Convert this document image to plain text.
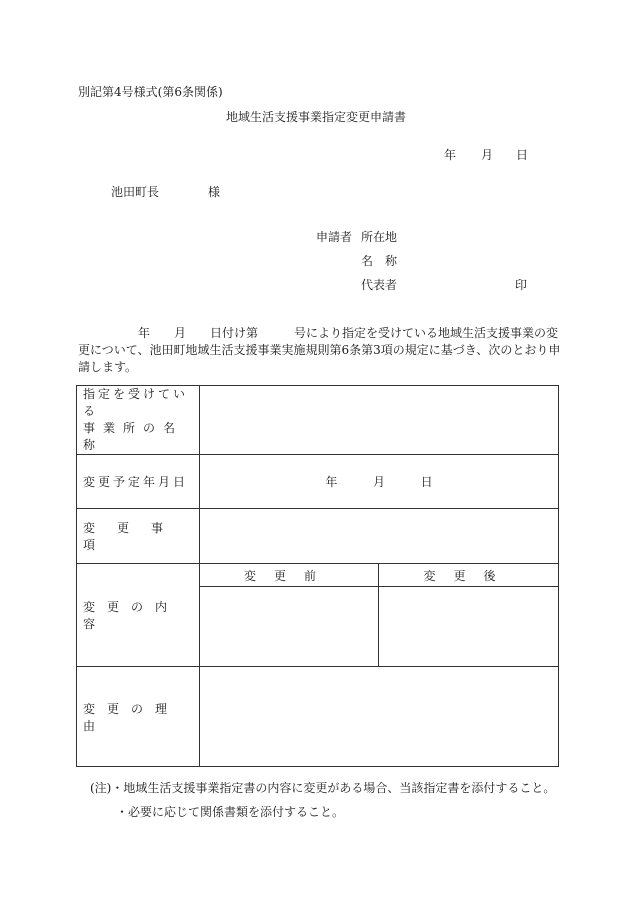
別記第4号様式(第6条関係)
地域生活支援事業指定変更申請書
年 月 日
池田町長	様
申請者 所在地
名称
代表者	印
　　　　　年　　月　　日付け第　　　号により指定を受けている地域生活支援事業の変
更について、池田町地域生活支援事業実施規則第6条第3項の規定に基づき、次のとおり申
請します。
指定を受けている
事業所の名称		

変更予定年月日	年 月 日	
変更事項		
変更の内容	変更前	変更後

変更の理由		
(注)・地域生活支援事業指定書の内容に変更がある場合、当該指定書を添付すること。
・必要に応じて関係書類を添付すること。
